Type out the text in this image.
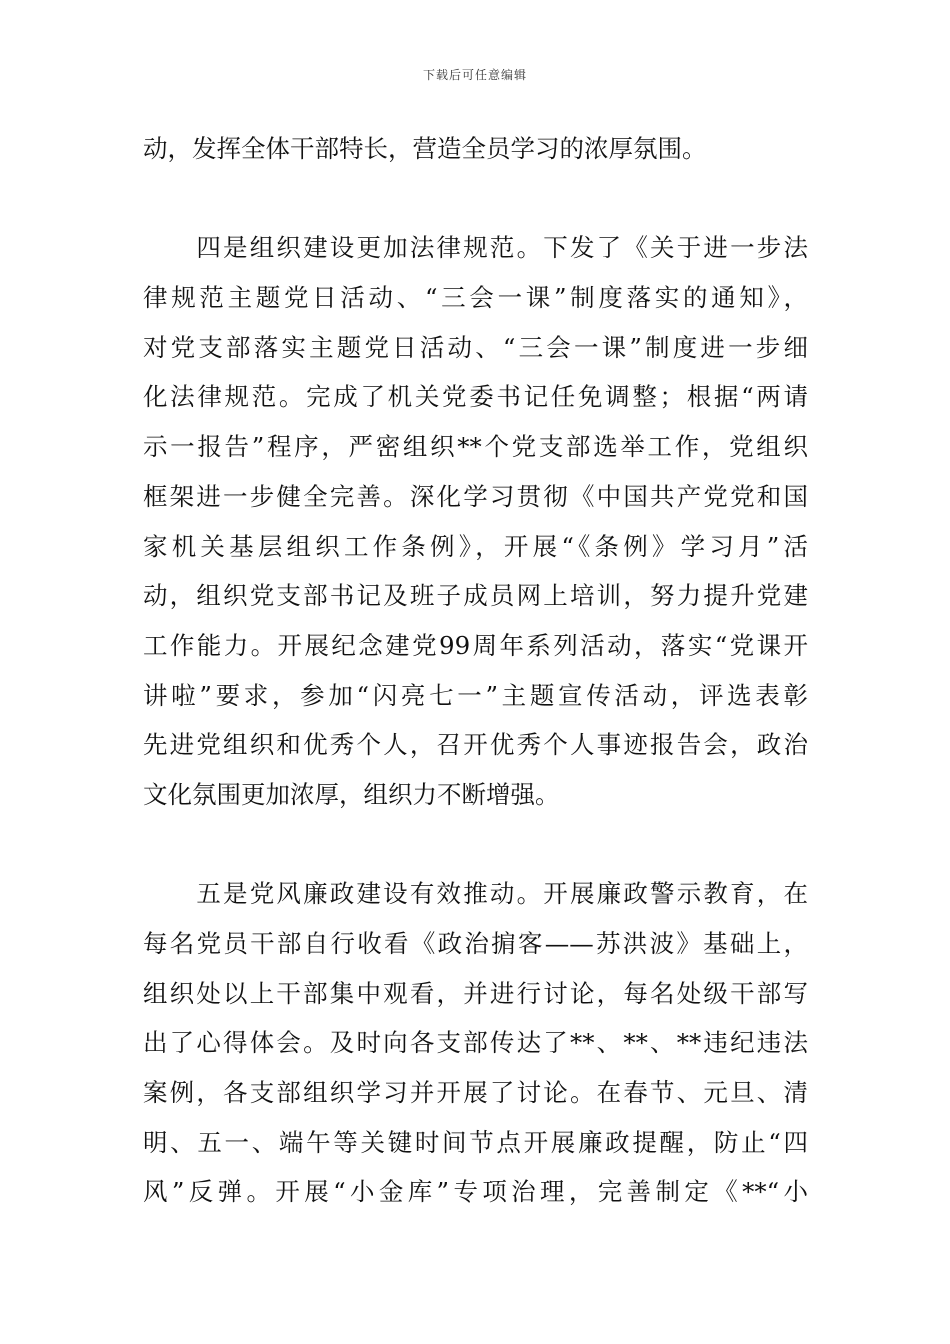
下载后可任意编辑
动，发挥全体干部特长，营造全员学习的浓厚氛围。
　　四是组织建设更加法律规范。下发了《关于进一步法
律规范主题党日活动、“三会一课”制度落实的通知》，
对党支部落实主题党日活动、“三会一课”制度进一步细
化法律规范。完成了机关党委书记任免调整；根据“两请
示一报告”程序，严密组织**个党支部选举工作，党组织
框架进一步健全完善。深化学习贯彻《中国共产党党和国
家机关基层组织工作条例》，开展“《条例》学习月”活
动，组织党支部书记及班子成员网上培训，努力提升党建
工作能力。开展纪念建党99周年系列活动，落实“党课开
讲啦”要求，参加“闪亮七一”主题宣传活动，评选表彰
先进党组织和优秀个人，召开优秀个人事迹报告会，政治
文化氛围更加浓厚，组织力不断增强。
　　五是党风廉政建设有效推动。开展廉政警示教育，在
每名党员干部自行收看《政治掮客——苏洪波》基础上，
组织处以上干部集中观看，并进行讨论，每名处级干部写
出了心得体会。及时向各支部传达了**、**、**违纪违法
案例，各支部组织学习并开展了讨论。在春节、元旦、清
明、五一、端午等关键时间节点开展廉政提醒，防止“四
风”反弹。开展“小金库”专项治理，完善制定《**“小
